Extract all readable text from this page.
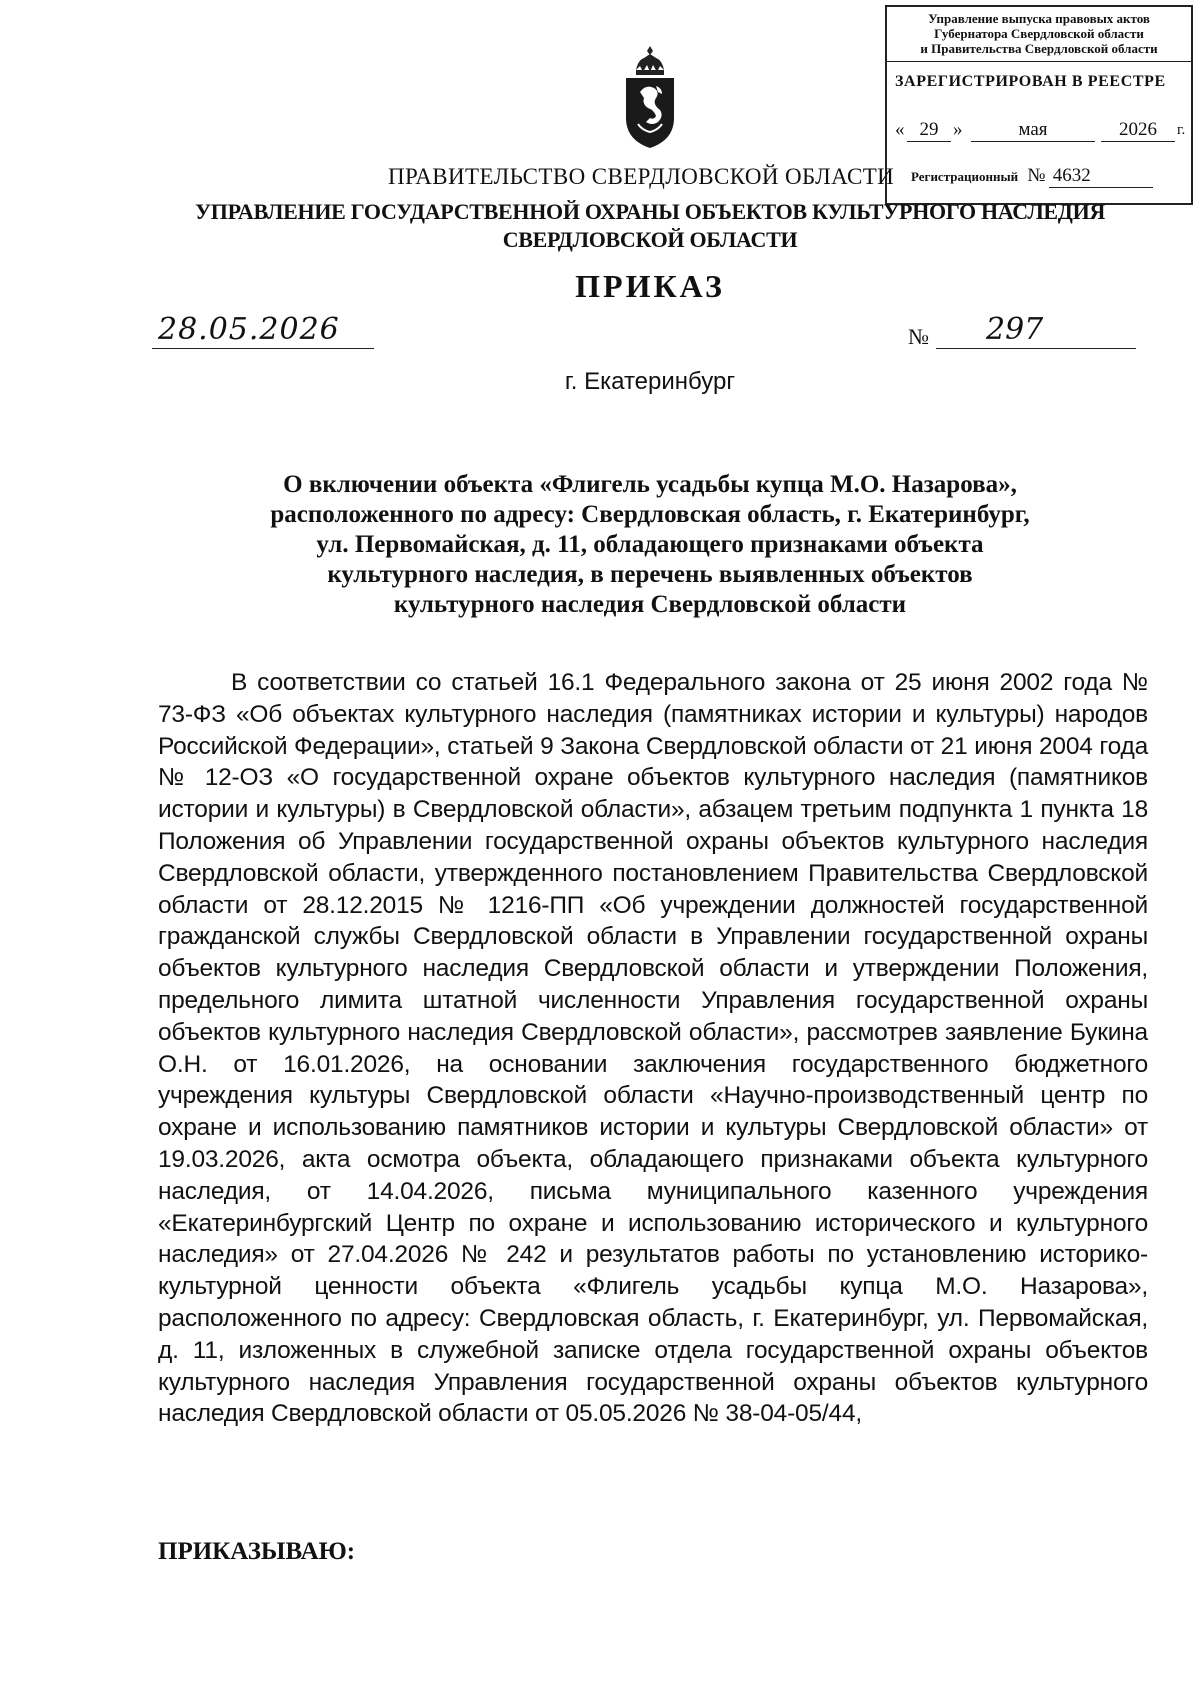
Управление выпуска правовых актов
Губернатора Свердловской области
и Правительства Свердловской области
ЗАРЕГИСТРИРОВАН В РЕЕСТРЕ
« 29 »	мая	2026	г.
Регистрационный № 4632
ПРАВИТЕЛЬСТВО СВЕРДЛОВСКОЙ ОБЛАСТИ
УПРАВЛЕНИЕ ГОСУДАРСТВЕННОЙ ОХРАНЫ ОБЪЕКТОВ КУЛЬТУРНОГО НАСЛЕДИЯ
СВЕРДЛОВСКОЙ ОБЛАСТИ
ПРИКАЗ
28.05.2026	№	297
г. Екатеринбург
О включении объекта «Флигель усадьбы купца М.О. Назарова»,
расположенного по адресу: Свердловская область, г. Екатеринбург,
ул. Первомайская, д. 11, обладающего признаками объекта
культурного наследия, в перечень выявленных объектов
культурного наследия Свердловской области
В соответствии со статьей 16.1 Федерального закона от 25 июня 2002 года № 73-ФЗ «Об объектах культурного наследия (памятниках истории и культуры) народов Российской Федерации», статьей 9 Закона Свердловской области от 21 июня 2004 года № 12-ОЗ «О государственной охране объектов культурного наследия (памятников истории и культуры) в Свердловской области», абзацем третьим подпункта 1 пункта 18 Положения об Управлении государственной охраны объектов культурного наследия Свердловской области, утвержденного постановлением Правительства Свердловской области от 28.12.2015 № 1216-ПП «Об учреждении должностей государственной гражданской службы Свердловской области в Управлении государственной охраны объектов культурного наследия Свердловской области и утверждении Положения, предельного лимита штатной численности Управления государственной охраны объектов культурного наследия Свердловской области», рассмотрев заявление Букина О.Н. от 16.01.2026, на основании заключения государственного бюджетного учреждения культуры Свердловской области «Научно-производственный центр по охране и использованию памятников истории и культуры Свердловской области» от 19.03.2026, акта осмотра объекта, обладающего признаками объекта культурного наследия, от 14.04.2026, письма муниципального казенного учреждения «Екатеринбургский Центр по охране и использованию исторического и культурного наследия» от 27.04.2026 № 242 и результатов работы по установлению историко-культурной ценности объекта «Флигель усадьбы купца М.О. Назарова», расположенного по адресу: Свердловская область, г. Екатеринбург, ул. Первомайская, д. 11, изложенных в служебной записке отдела государственной охраны объектов культурного наследия Управления государственной охраны объектов культурного наследия Свердловской области от 05.05.2026 № 38-04-05/44,
ПРИКАЗЫВАЮ:
